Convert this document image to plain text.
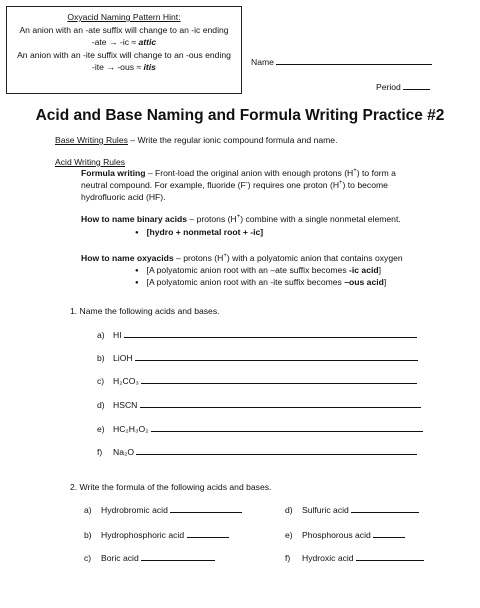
Oxyacid Naming Pattern Hint:
An anion with an -ate suffix will change to an -ic ending
-ate → -ic ≈ attic
An anion with an -ite suffix will change to an -ous ending
-ite → -ous ≈ itis
Name
Period
Acid and Base Naming and Formula Writing Practice #2
Base Writing Rules – Write the regular ionic compound formula and name.
Acid Writing Rules
Formula writing – Front-load the original anion with enough protons (H+) to form a
neutral compound. For example, fluoride (F-) requires one proton (H+) to become
hydrofluoric acid (HF).
How to name binary acids – protons (H+) combine with a single nonmetal element.
● [hydro + nonmetal root + -ic]
How to name oxyacids – protons (H+) with a polyatomic anion that contains oxygen
● [A polyatomic anion root with an –ate suffix becomes -ic acid]
● [A polyatomic anion root with an -ite suffix becomes –ous acid]
1. Name the following acids and bases.
a) HI
b) LiOH
c) H₂CO₃
d) HSCN
e) HC₂H₃O₂
f) Na₂O
2. Write the formula of the following acids and bases.
a) Hydrobromic acid
b) Hydrophosphoric acid
c) Boric acid
d) Sulfuric acid
e) Phosphorous acid
f) Hydroxic acid
